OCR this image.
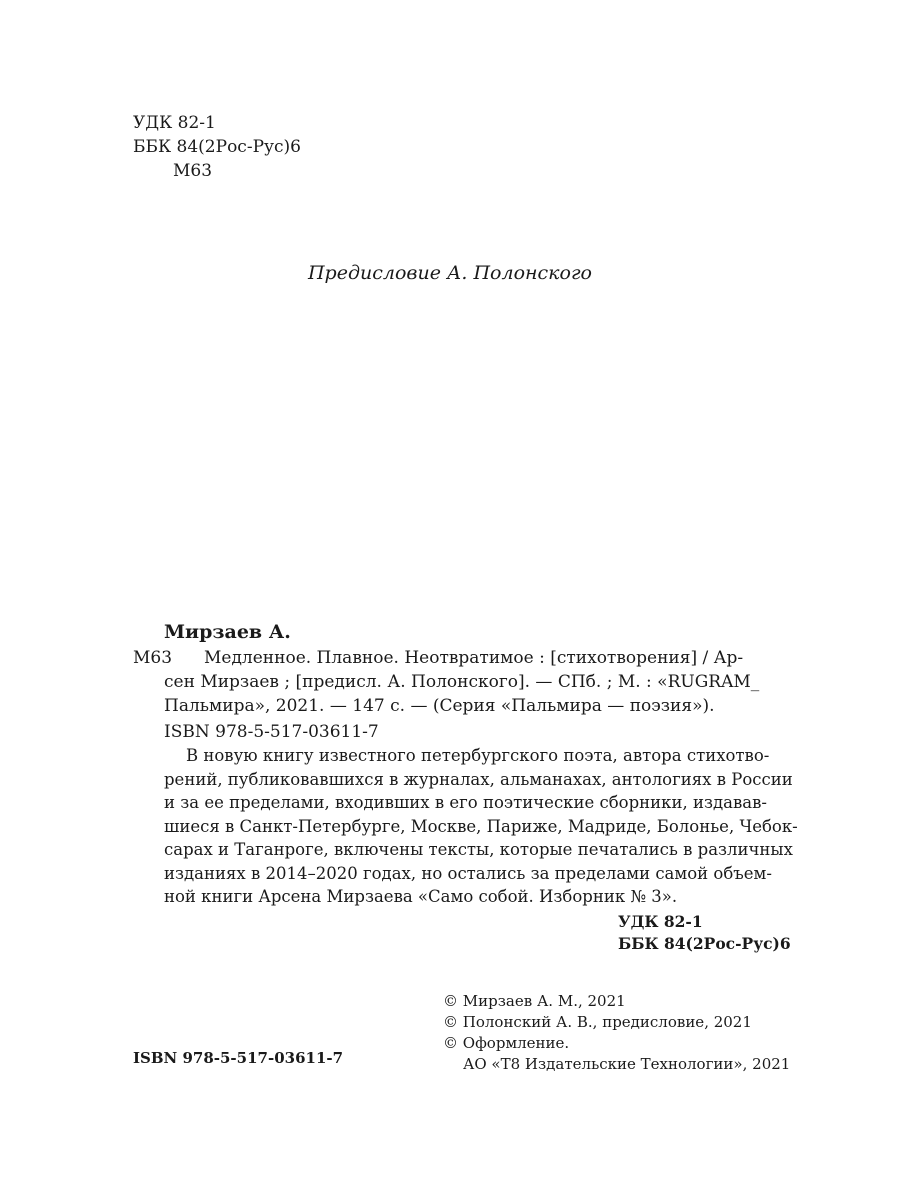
УДК 82-1
ББК 84(2Рос-Рус)6
М63
Предисловие А. Полонского
Мирзаев А.
М63	Медленное. Плавное. Неотвратимое : [стихотворения] / Ар-
сен Мирзаев ; [предисл. А. Полонского]. — СПб. ; М. : «RUGRAM_
Пальмира», 2021. — 147 с. — (Серия «Пальмира — поэзия»).
ISBN 978-5-517-03611-7
В новую книгу известного петербургского поэта, автора стихотво-
рений, публиковавшихся в журналах, альманахах, антологиях в России
и за ее пределами, входивших в его поэтические сборники, издавав-
шиеся в Санкт-Петербурге, Москве, Париже, Мадриде, Болонье, Чебок-
сарах и Таганроге, включены тексты, которые печатались в различных
изданиях в 2014–2020 годах, но остались за пределами самой объем-
ной книги Арсена Мирзаева «Само собой. Изборник № 3».
УДК 82-1
ББК 84(2Рос-Рус)6
© Мирзаев А. М., 2021
© Полонский А. В., предисловие, 2021
© Оформление.
АО «Т8 Издательские Технологии», 2021
ISBN 978-5-517-03611-7
